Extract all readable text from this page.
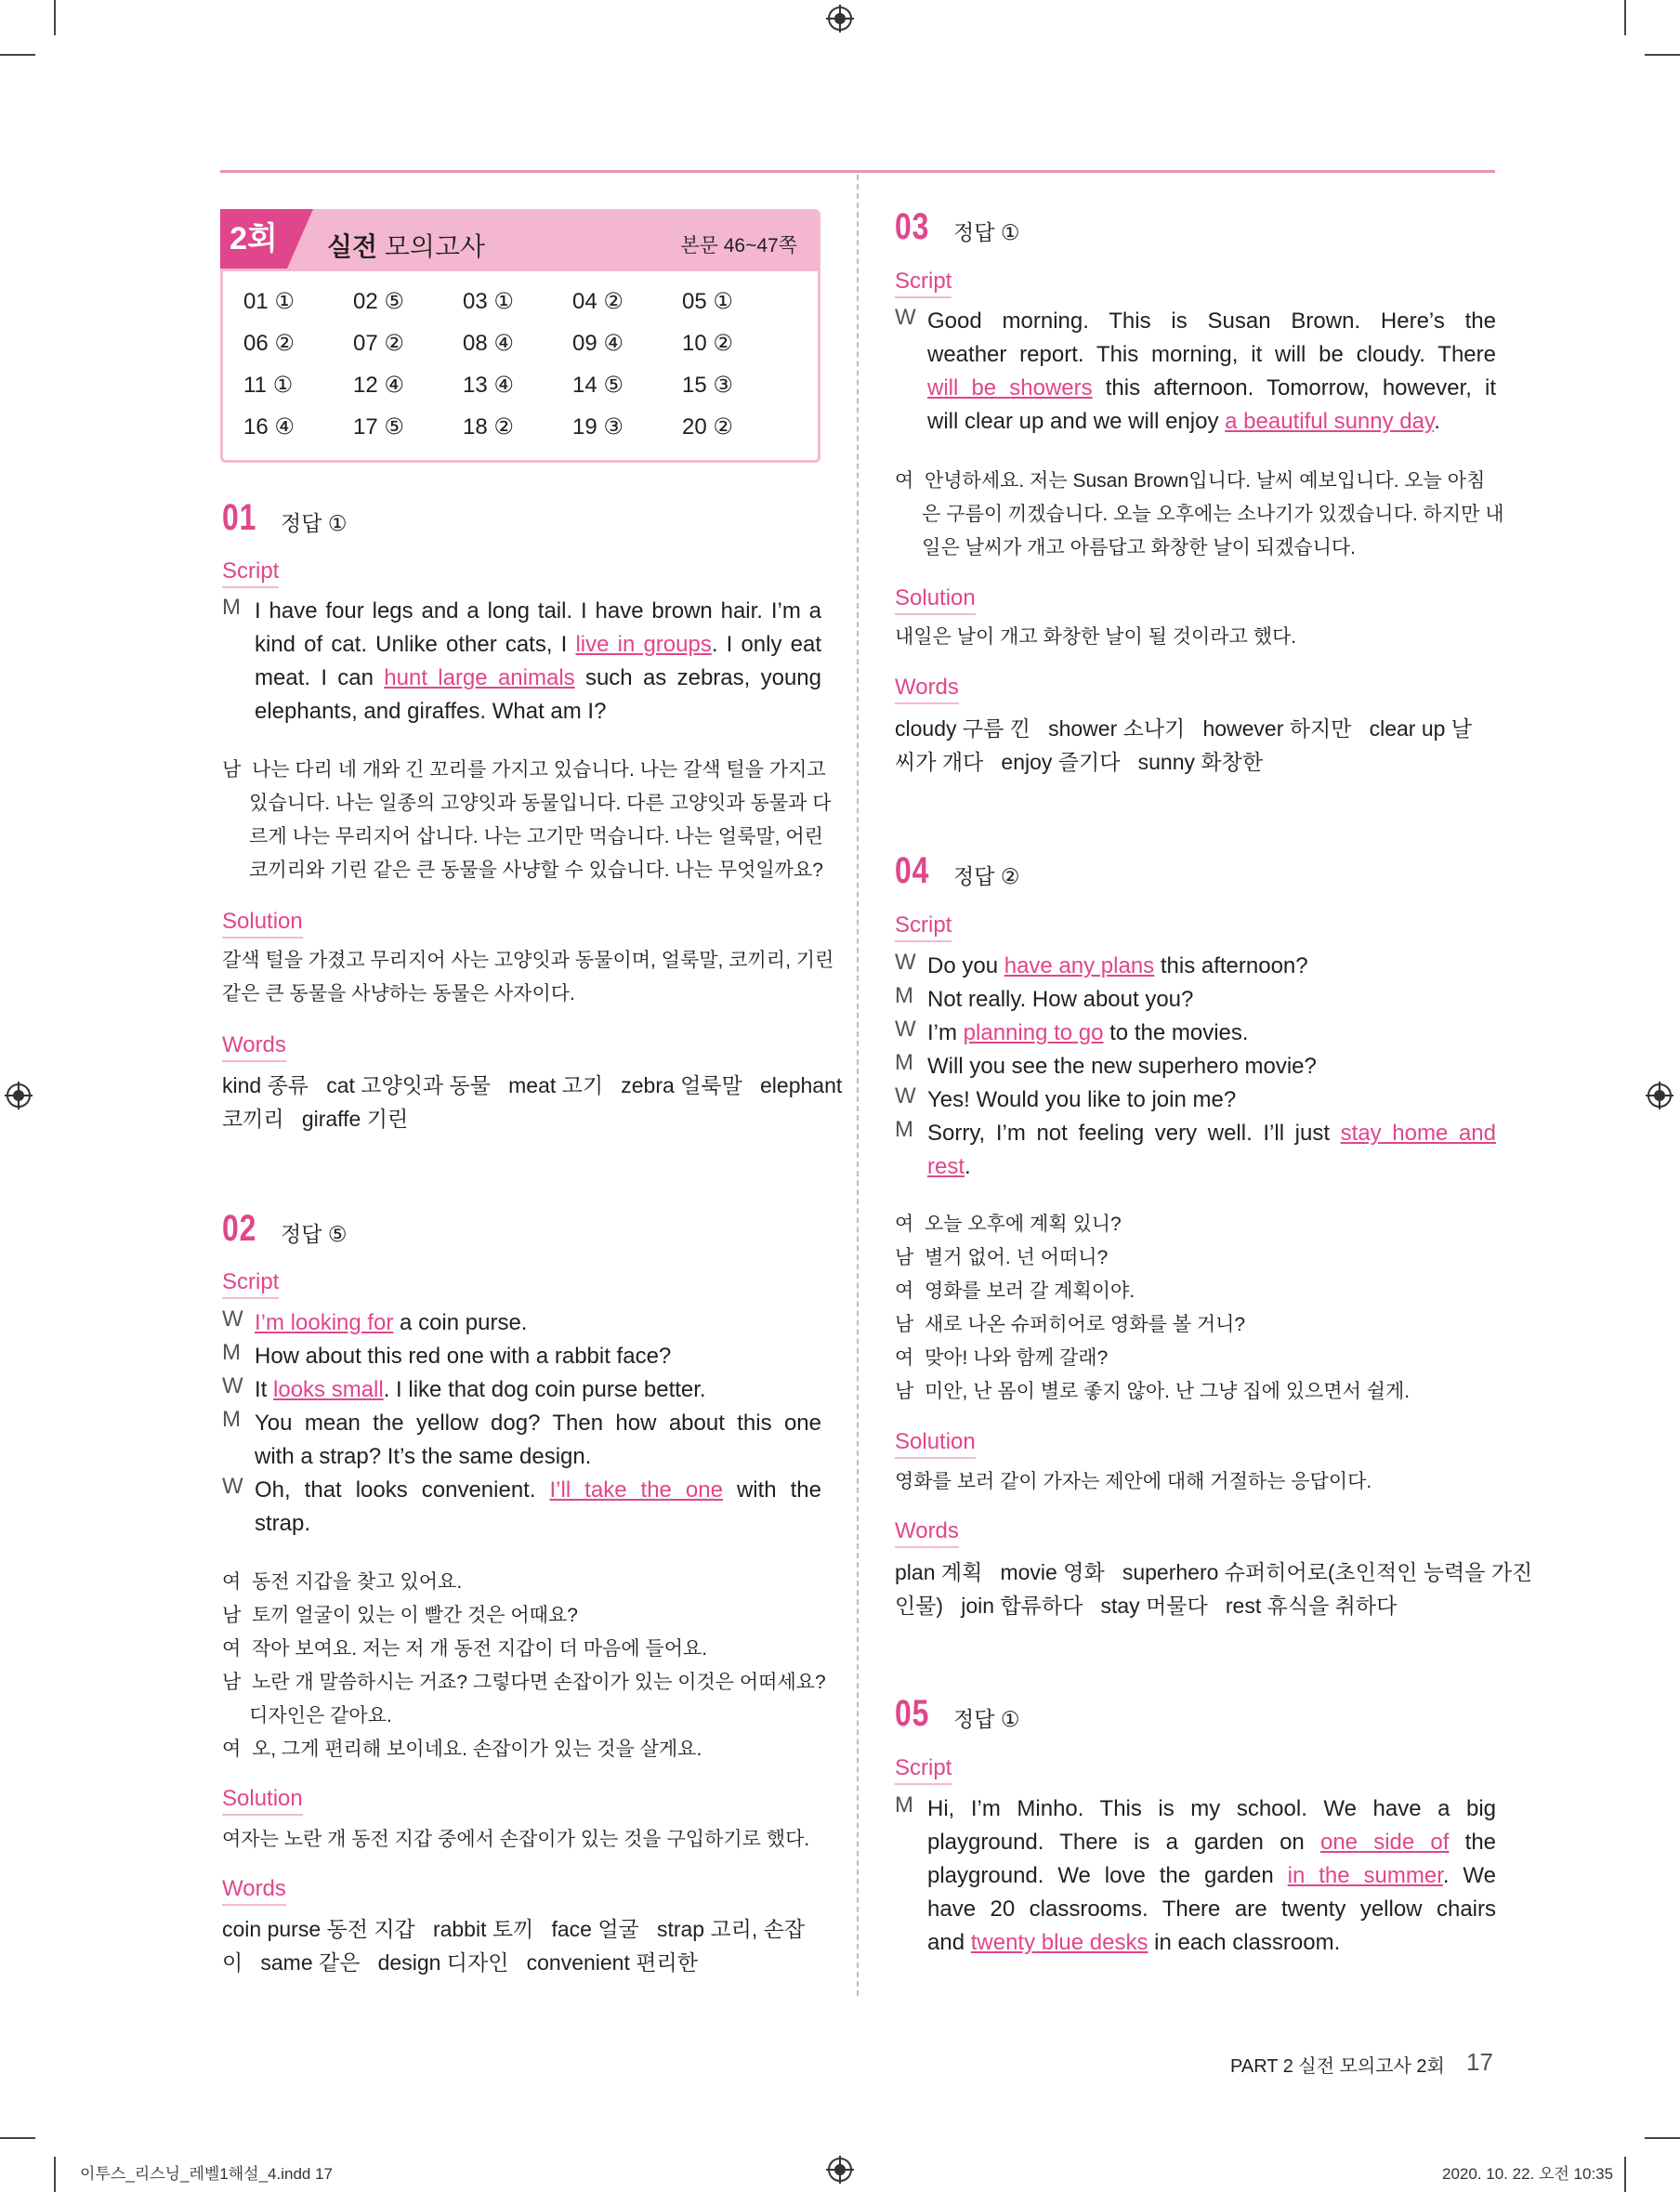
2회	실전 모의고사	본문 46~47쪽
01 ①	02 ⑤	03 ①	04 ②	05 ①
06 ②	07 ②	08 ④	09 ④	10 ②
11 ①	12 ④	13 ④	14 ⑤	15 ③
16 ④	17 ⑤	18 ②	19 ③	20 ②
01 정답 ①
Script
M I have four legs and a long tail. I have brown hair. I’m a
kind of cat. Unlike other cats, I live in groups. I only eat
meat. I can hunt large animals such as zebras, young
elephants, and giraffes. What am I?
남  나는 다리 네 개와 긴 꼬리를 가지고 있습니다. 나는 갈색 털을 가지고
있습니다. 나는 일종의 고양잇과 동물입니다. 다른 고양잇과 동물과 다
르게 나는 무리지어 삽니다. 나는 고기만 먹습니다. 나는 얼룩말, 어린
코끼리와 기린 같은 큰 동물을 사냥할 수 있습니다. 나는 무엇일까요?
Solution
갈색 털을 가졌고 무리지어 사는 고양잇과 동물이며, 얼룩말, 코끼리, 기린
같은 큰 동물을 사냥하는 동물은 사자이다.
Words
kind 종류   cat 고양잇과 동물   meat 고기   zebra 얼룩말   elephant
코끼리   giraffe 기린
02 정답 ⑤
Script
W I’m looking for a coin purse.
M How about this red one with a rabbit face?
W It looks small. I like that dog coin purse better.
M You mean the yellow dog? Then how about this one
with a strap? It’s the same design.
W Oh, that looks convenient. I’ll take the one with the
strap.
여  동전 지갑을 찾고 있어요.
남  토끼 얼굴이 있는 이 빨간 것은 어때요?
여  작아 보여요. 저는 저 개 동전 지갑이 더 마음에 들어요.
남  노란 개 말씀하시는 거죠? 그렇다면 손잡이가 있는 이것은 어떠세요?
디자인은 같아요.
여  오, 그게 편리해 보이네요. 손잡이가 있는 것을 살게요.
Solution
여자는 노란 개 동전 지갑 중에서 손잡이가 있는 것을 구입하기로 했다.
Words
coin purse 동전 지갑   rabbit 토끼   face 얼굴   strap 고리, 손잡
이   same 같은   design 디자인   convenient 편리한
03 정답 ①
Script
W Good morning. This is Susan Brown. Here’s the
weather report. This morning, it will be cloudy. There
will be showers this afternoon. Tomorrow, however, it
will clear up and we will enjoy a beautiful sunny day.
여  안녕하세요. 저는 Susan Brown입니다. 날씨 예보입니다. 오늘 아침
은 구름이 끼겠습니다. 오늘 오후에는 소나기가 있겠습니다. 하지만 내
일은 날씨가 개고 아름답고 화창한 날이 되겠습니다.
Solution
내일은 날이 개고 화창한 날이 될 것이라고 했다.
Words
cloudy 구름 낀   shower 소나기   however 하지만   clear up 날
씨가 개다   enjoy 즐기다   sunny 화창한
04 정답 ②
Script
W Do you have any plans this afternoon?
M Not really. How about you?
W I’m planning to go to the movies.
M Will you see the new superhero movie?
W Yes! Would you like to join me?
M Sorry, I’m not feeling very well. I’ll just stay home and
rest.
여  오늘 오후에 계획 있니?
남  별거 없어. 넌 어떠니?
여  영화를 보러 갈 계획이야.
남  새로 나온 슈퍼히어로 영화를 볼 거니?
여  맞아! 나와 함께 갈래?
남  미안, 난 몸이 별로 좋지 않아. 난 그냥 집에 있으면서 쉴게.
Solution
영화를 보러 같이 가자는 제안에 대해 거절하는 응답이다.
Words
plan 계획   movie 영화   superhero 슈퍼히어로(초인적인 능력을 가진
인물)   join 합류하다   stay 머물다   rest 휴식을 취하다
05 정답 ①
Script
M Hi, I’m Minho. This is my school. We have a big
playground. There is a garden on one side of the
playground. We love the garden in the summer. We
have 20 classrooms. There are twenty yellow chairs
and twenty blue desks in each classroom.
PART 2 실전 모의고사 2회 17
이투스_리스닝_레벨1해설_4.indd 17	2020. 10. 22. 오전 10:35
